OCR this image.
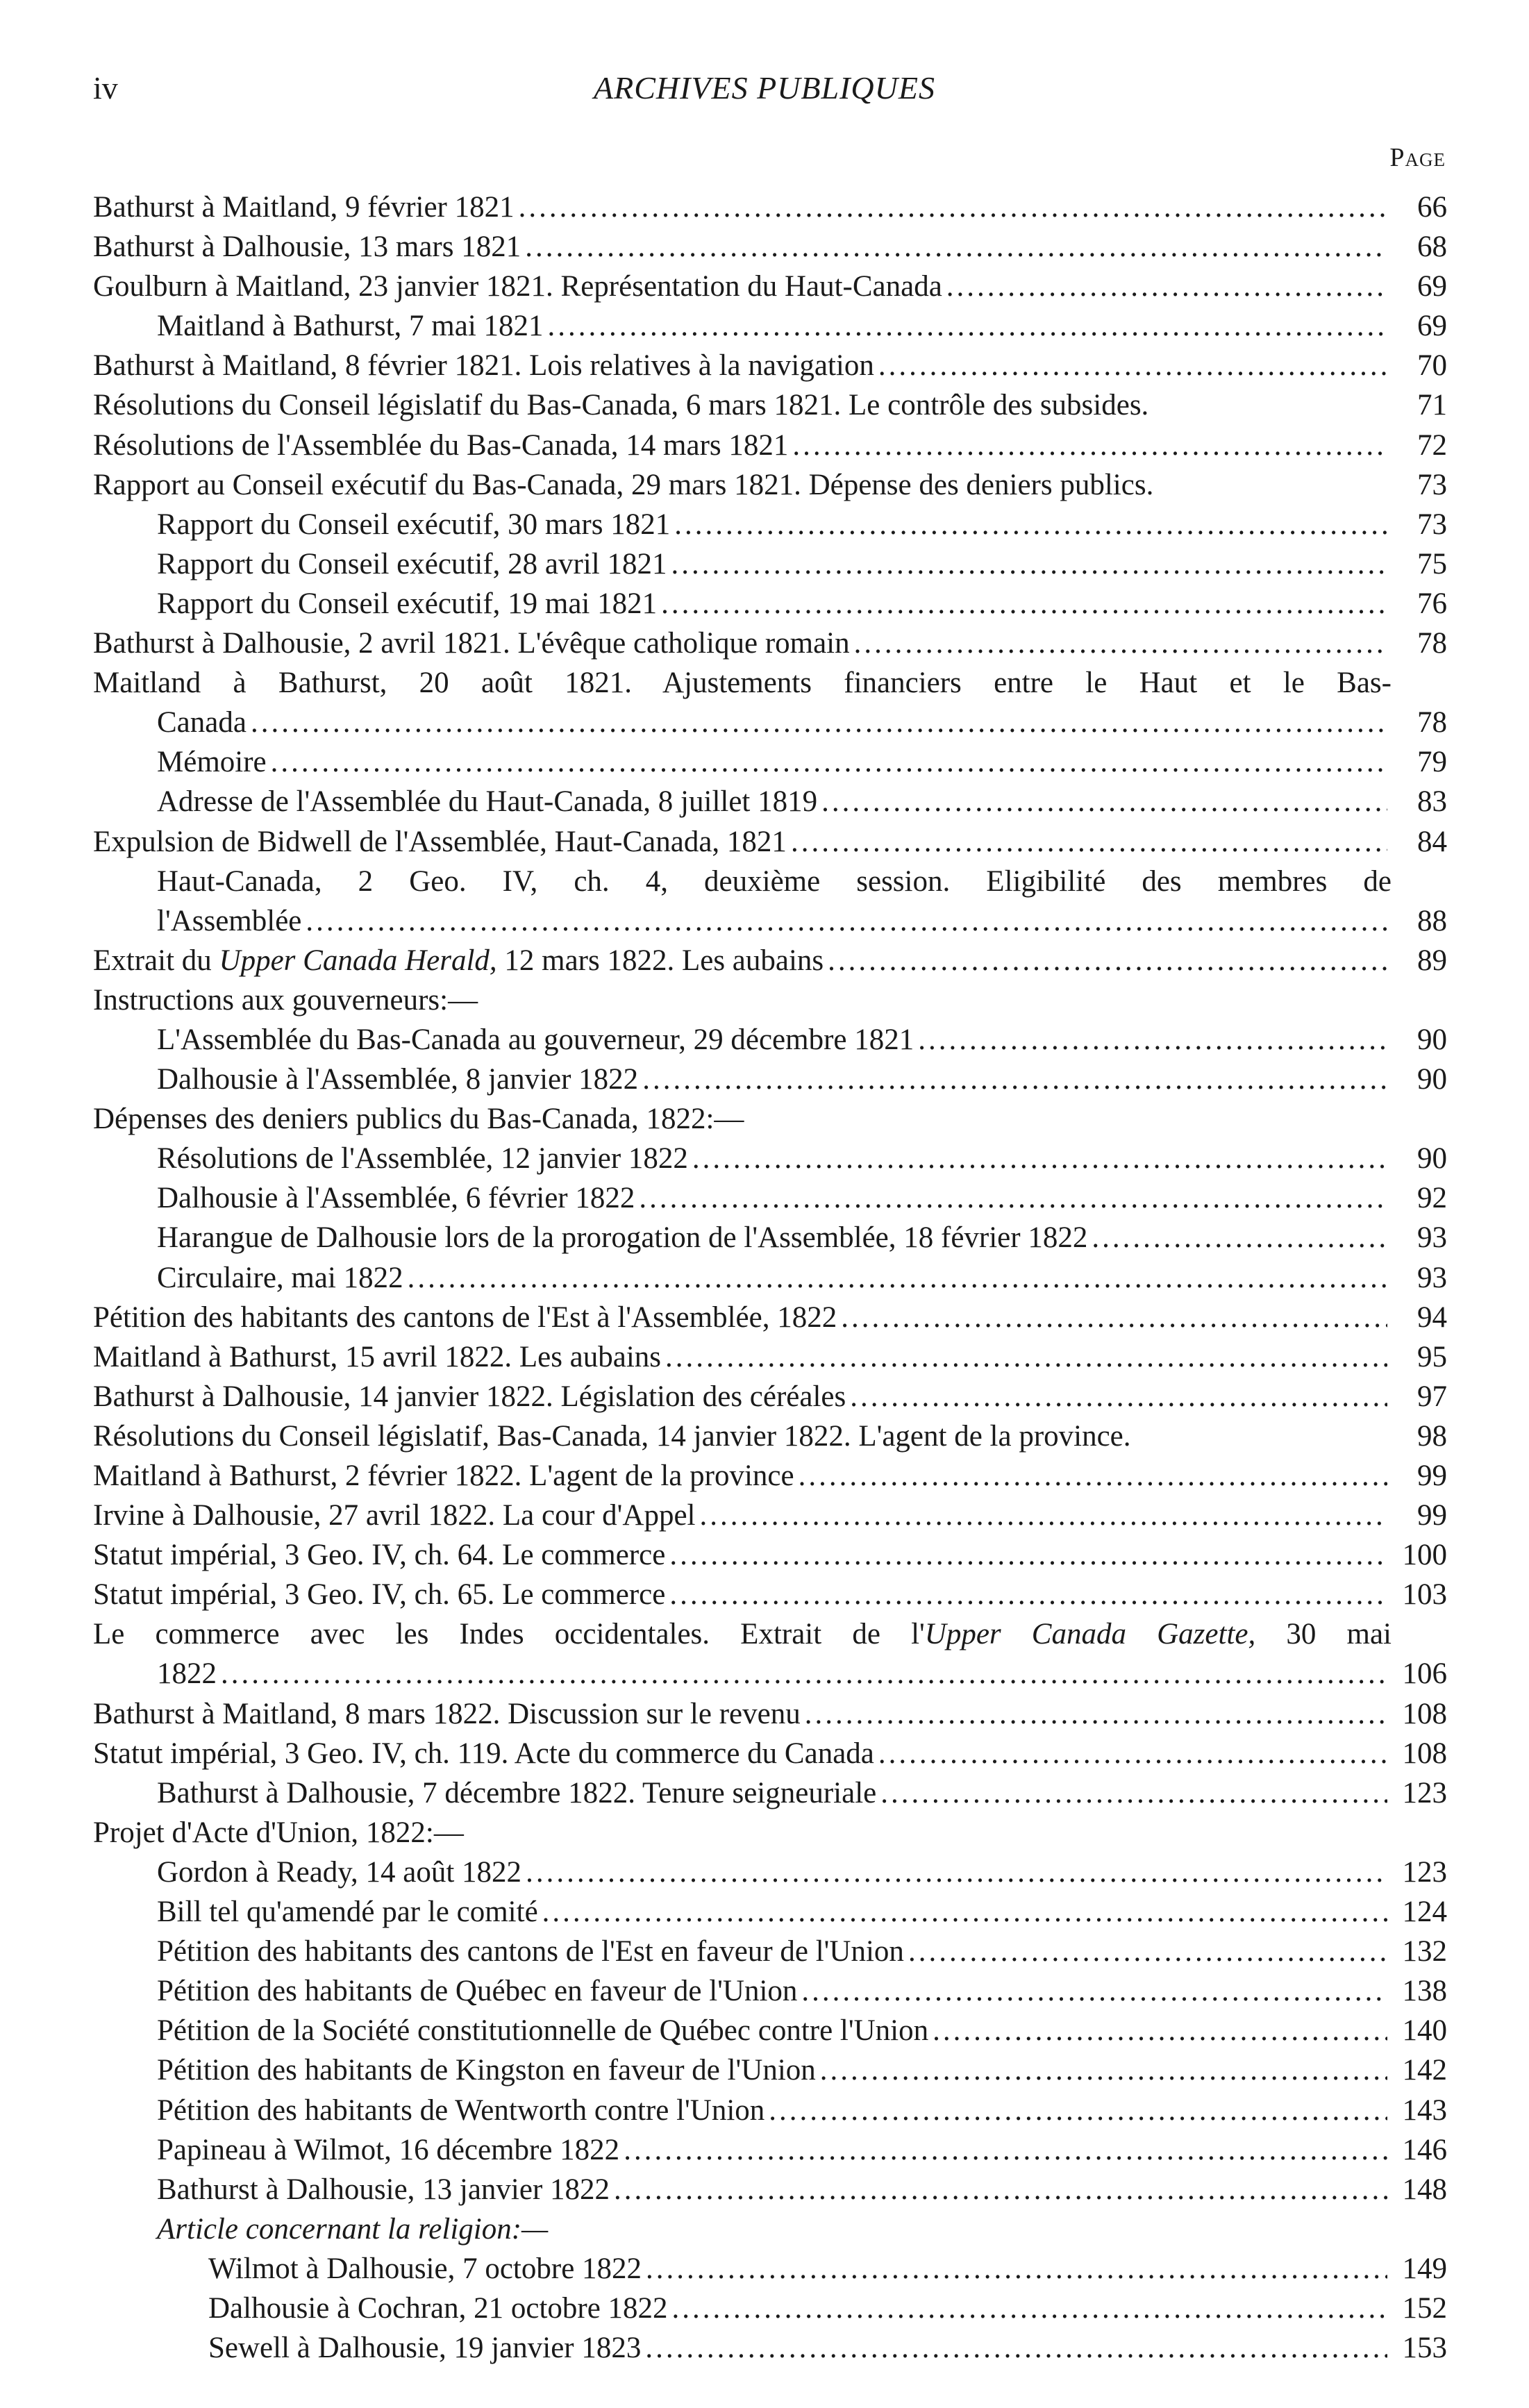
iv	ARCHIVES PUBLIQUES
Page
Bathurst à Maitland, 9 février 1821 .....	66
Bathurst à Dalhousie, 13 mars 1821 .....	68
Goulburn à Maitland, 23 janvier 1821. Représentation du Haut-Canada .....	69
Maitland à Bathurst, 7 mai 1821 .....	69
Bathurst à Maitland, 8 février 1821. Lois relatives à la navigation .....	70
Résolutions du Conseil législatif du Bas-Canada, 6 mars 1821. Le contrôle des subsides.	71
Résolutions de l'Assemblée du Bas-Canada, 14 mars 1821 .....	72
Rapport au Conseil exécutif du Bas-Canada, 29 mars 1821. Dépense des deniers publics.	73
Rapport du Conseil exécutif, 30 mars 1821 .....	73
Rapport du Conseil exécutif, 28 avril 1821 .....	75
Rapport du Conseil exécutif, 19 mai 1821 .....	76
Bathurst à Dalhousie, 2 avril 1821. L'évêque catholique romain .....	78
Maitland à Bathurst, 20 août 1821. Ajustements financiers entre le Haut et le Bas-
Canada .....	78
Mémoire .....	79
Adresse de l'Assemblée du Haut-Canada, 8 juillet 1819 .....	83
Expulsion de Bidwell de l'Assemblée, Haut-Canada, 1821 .....	84
Haut-Canada, 2 Geo. IV, ch. 4, deuxième session. Eligibilité des membres de
l'Assemblée .....	88
Extrait du Upper Canada Herald, 12 mars 1822. Les aubains .....	89
Instructions aux gouverneurs:—
L'Assemblée du Bas-Canada au gouverneur, 29 décembre 1821 .....	90
Dalhousie à l'Assemblée, 8 janvier 1822 .....	90
Dépenses des deniers publics du Bas-Canada, 1822:—
Résolutions de l'Assemblée, 12 janvier 1822 .....	90
Dalhousie à l'Assemblée, 6 février 1822 .....	92
Harangue de Dalhousie lors de la prorogation de l'Assemblée, 18 février 1822 .....	93
Circulaire, mai 1822 .....	93
Pétition des habitants des cantons de l'Est à l'Assemblée, 1822 .....	94
Maitland à Bathurst, 15 avril 1822. Les aubains .....	95
Bathurst à Dalhousie, 14 janvier 1822. Législation des céréales .....	97
Résolutions du Conseil législatif, Bas-Canada, 14 janvier 1822. L'agent de la province.	98
Maitland à Bathurst, 2 février 1822. L'agent de la province .....	99
Irvine à Dalhousie, 27 avril 1822. La cour d'Appel .....	99
Statut impérial, 3 Geo. IV, ch. 64. Le commerce .....	100
Statut impérial, 3 Geo. IV, ch. 65. Le commerce .....	103
Le commerce avec les Indes occidentales. Extrait de l'Upper Canada Gazette, 30 mai
1822 .....	106
Bathurst à Maitland, 8 mars 1822. Discussion sur le revenu .....	108
Statut impérial, 3 Geo. IV, ch. 119. Acte du commerce du Canada .....	108
Bathurst à Dalhousie, 7 décembre 1822. Tenure seigneuriale .....	123
Projet d'Acte d'Union, 1822:—
Gordon à Ready, 14 août 1822 .....	123
Bill tel qu'amendé par le comité .....	124
Pétition des habitants des cantons de l'Est en faveur de l'Union .....	132
Pétition des habitants de Québec en faveur de l'Union .....	138
Pétition de la Société constitutionnelle de Québec contre l'Union .....	140
Pétition des habitants de Kingston en faveur de l'Union .....	142
Pétition des habitants de Wentworth contre l'Union .....	143
Papineau à Wilmot, 16 décembre 1822 .....	146
Bathurst à Dalhousie, 13 janvier 1822 .....	148
Article concernant la religion:—
Wilmot à Dalhousie, 7 octobre 1822 .....	149
Dalhousie à Cochran, 21 octobre 1822 .....	152
Sewell à Dalhousie, 19 janvier 1823 .....	153
